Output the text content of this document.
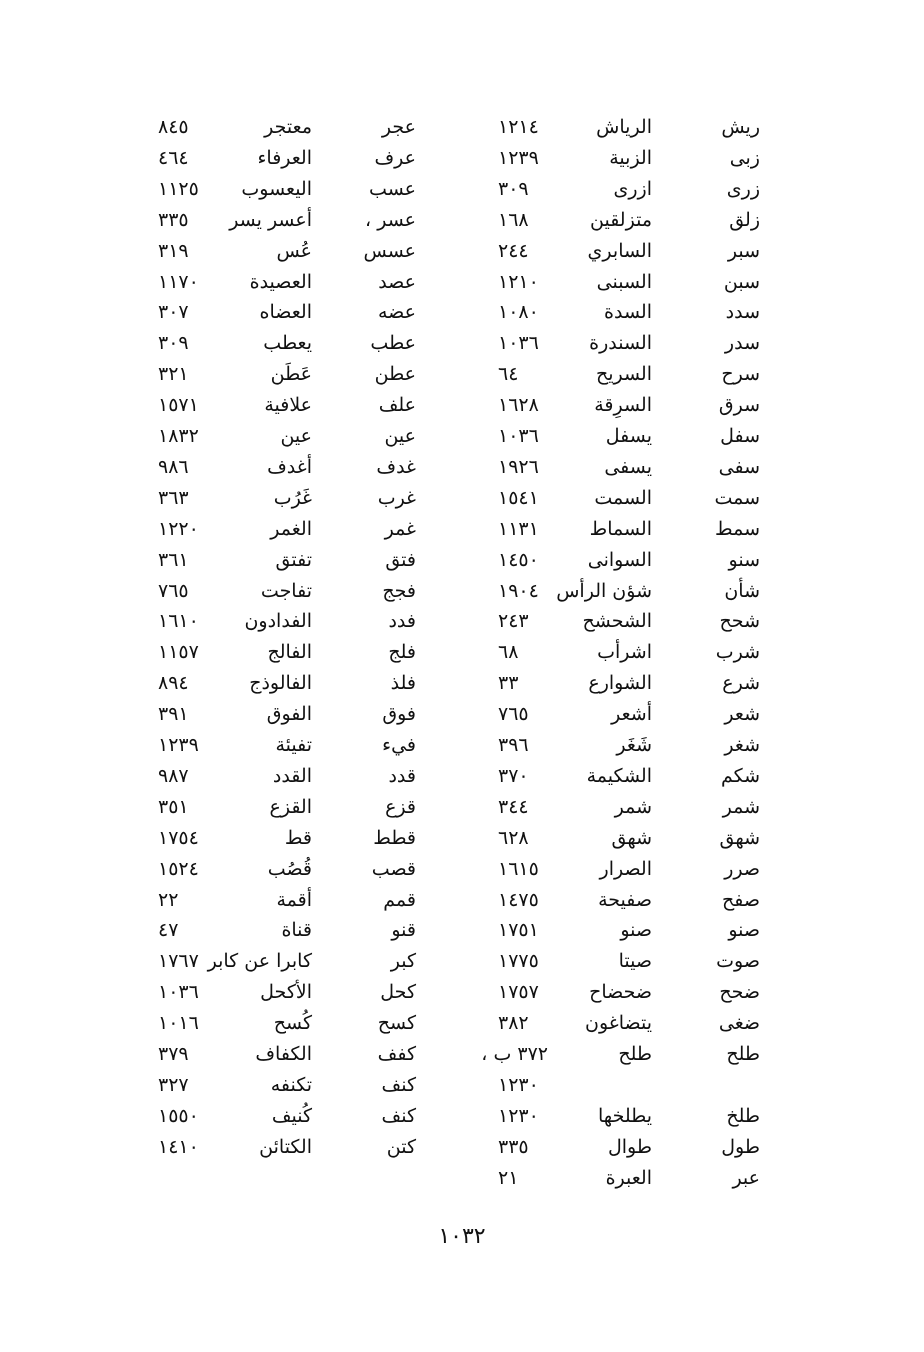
ريش
الرياش
١٢١٤
زبى
الزبية
١٢٣٩
زرى
ازرى
٣٠٩
زلق
متزلقين
١٦٨
سبر
السابري
٢٤٤
سبن
السبنى
١٢١٠
سدد
السدة
١٠٨٠
سدر
السندرة
١٠٣٦
سرح
السريح
٦٤
سرق
السرِقة
١٦٢٨
سفل
يسفل
١٠٣٦
سفى
يسفى
١٩٢٦
سمت
السمت
١٥٤١
سمط
السماط
١١٣١
سنو
السوانى
١٤٥٠
شأن
شؤن الرأس
١٩٠٤
شحح
الشحشح
٢٤٣
شرب
اشرأب
٦٨
شرع
الشوارع
٣٣
شعر
أشعر
٧٦٥
شغر
شَغَر
٣٩٦
شكم
الشكيمة
٣٧٠
شمر
شمر
٣٤٤
شهق
شهق
٦٢٨
صرر
الصرار
١٦١٥
صفح
صفيحة
١٤٧٥
صنو
صنو
١٧٥١
صوت
صيتا
١٧٧٥
ضحح
ضحضاح
١٧٥٧
ضغى
يتضاغون
٣٨٢
طلح
طلح
٣٧٢ ب ،
١٢٣٠
طلخ
يطلخها
١٢٣٠
طول
طوال
٣٣٥
عبر
العبرة
٢١
عجر
معتجر
٨٤٥
عرف
العرفاء
٤٦٤
عسب
اليعسوب
١١٢٥
عسر ،
أعسر يسر
٣٣٥
عسس
عُس
٣١٩
عصد
العصيدة
١١٧٠
عضه
العضاه
٣٠٧
عطب
يعطب
٣٠٩
عطن
عَطَن
٣٢١
علف
علافية
١٥٧١
عين
عين
١٨٣٢
غدف
أغدف
٩٨٦
غرب
غَرُب
٣٦٣
غمر
الغمر
١٢٢٠
فتق
تفتق
٣٦١
فجج
تفاجت
٧٦٥
فدد
الفدادون
١٦١٠
فلج
الفالج
١١٥٧
فلذ
الفالوذج
٨٩٤
فوق
الفوق
٣٩١
فيء
تفيئة
١٢٣٩
قدد
القدد
٩٨٧
قزع
القزع
٣٥١
قطط
قط
١٧٥٤
قصب
قُصُب
١٥٢٤
قمم
أقمة
٢٢
قنو
قناة
٤٧
كبر
كابرا عن كابر
١٧٦٧
كحل
الأكحل
١٠٣٦
كسح
كُسح
١٠١٦
كفف
الكفاف
٣٧٩
كنف
تكنفه
٣٢٧
كنف
كُنيف
١٥٥٠
كتن
الكتائن
١٤١٠
١٠٣٢
